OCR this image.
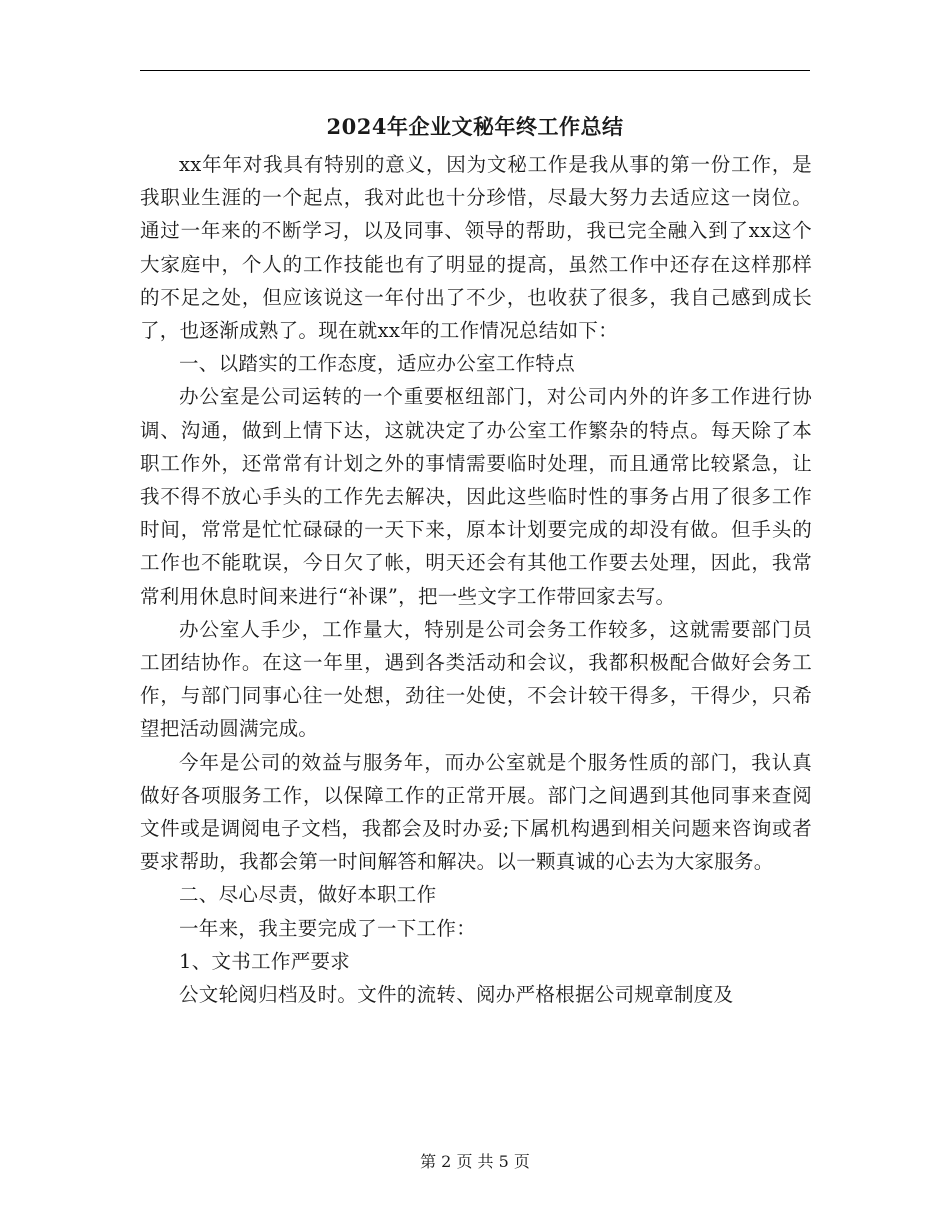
2024年企业文秘年终工作总结

xx年年对我具有特别的意义，因为文秘工作是我从事的第一份工作，是我职业生涯的一个起点，我对此也十分珍惜，尽最大努力去适应这一岗位。通过一年来的不断学习，以及同事、领导的帮助，我已完全融入到了xx这个大家庭中，个人的工作技能也有了明显的提高，虽然工作中还存在这样那样的不足之处，但应该说这一年付出了不少，也收获了很多，我自己感到成长了，也逐渐成熟了。现在就xx年的工作情况总结如下：

一、以踏实的工作态度，适应办公室工作特点

办公室是公司运转的一个重要枢纽部门，对公司内外的许多工作进行协调、沟通，做到上情下达，这就决定了办公室工作繁杂的特点。每天除了本职工作外，还常常有计划之外的事情需要临时处理，而且通常比较紧急，让我不得不放心手头的工作先去解决，因此这些临时性的事务占用了很多工作时间，常常是忙忙碌碌的一天下来，原本计划要完成的却没有做。但手头的工作也不能耽误，今日欠了帐，明天还会有其他工作要去处理，因此，我常常利用休息时间来进行“补课”，把一些文字工作带回家去写。

办公室人手少，工作量大，特别是公司会务工作较多，这就需要部门员工团结协作。在这一年里，遇到各类活动和会议，我都积极配合做好会务工作，与部门同事心往一处想，劲往一处使，不会计较干得多，干得少，只希望把活动圆满完成。

今年是公司的效益与服务年，而办公室就是个服务性质的部门，我认真做好各项服务工作，以保障工作的正常开展。部门之间遇到其他同事来查阅文件或是调阅电子文档，我都会及时办妥;下属机构遇到相关问题来咨询或者要求帮助，我都会第一时间解答和解决。以一颗真诚的心去为大家服务。

二、尽心尽责，做好本职工作

一年来，我主要完成了一下工作：

1、文书工作严要求

公文轮阅归档及时。文件的流转、阅办严格根据公司规章制度及

第 2 页 共 5 页
